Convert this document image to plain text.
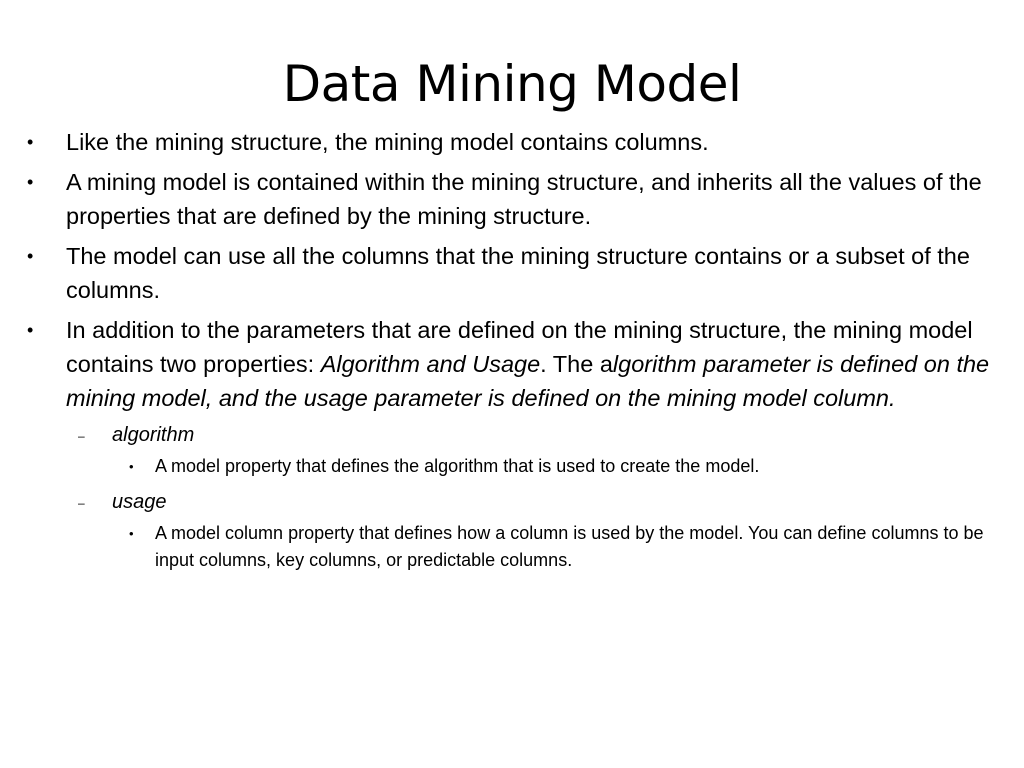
Data Mining Model
• Like the mining structure, the mining model contains columns.
• A mining model is contained within the mining structure, and inherits all the values of the properties that are defined by the mining structure.
• The model can use all the columns that the mining structure contains or a subset of the columns.
• In addition to the parameters that are defined on the mining structure, the mining model contains two properties: Algorithm and Usage. The algorithm parameter is defined on the mining model, and the usage parameter is defined on the mining model column.
– algorithm
• A model property that defines the algorithm that is used to create the model.
– usage
• A model column property that defines how a column is used by the model. You can define columns to be input columns, key columns, or predictable columns.
